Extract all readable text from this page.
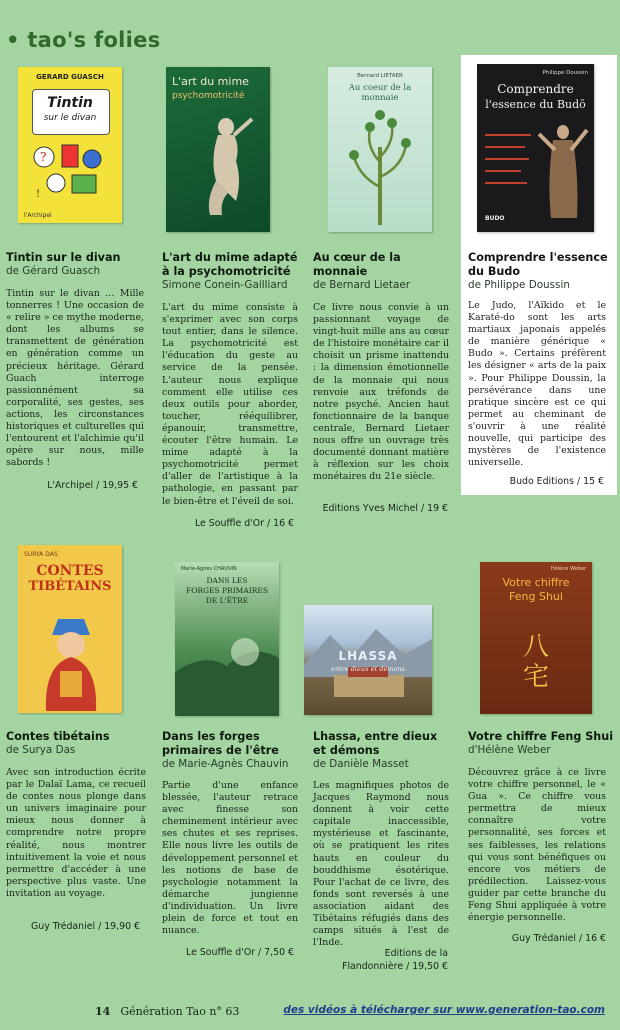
• tao's folies
GERARD GUASCH
Tintin
sur le divan
?
!
l'Archipel
L'art du mime
psychomotricité
Bernard LIETAER
Au coeur de la monnaie
Philippe Doussin
Comprendre
l'essence du Budō
BUDO
Tintin sur le divan
de Gérard Guasch
Tintin sur le divan … Mille tonnerres ! Une occasion de « relire » ce mythe moderne, dont les albums se transmettent de génération en génération comme un précieux héritage. Gérard Guach interroge passionnément sa corporalité, ses gestes, ses actions, les circonstances historiques et culturelles qui l'entourent et l'alchimie qu'il opère sur nous, mille sabords !
L'Archipel / 19,95 €
L'art du mime adapté à la psychomotricité
Simone Conein-Gailliard
L'art du mime consiste à s'exprimer avec son corps tout entier, dans le silence. La psychomotricité est l'éducation du geste au service de la pensée. L'auteur nous explique comment elle utilise ces deux outils pour aborder, toucher, rééquilibrer, épanouir, transmettre, écouter l'être humain. Le mime adapté à la psychomotricité permet d'aller de l'artistique à la pathologie, en passant par le bien-être et l'éveil de soi.
Le Souffle d'Or / 16 €
Au cœur de la monnaie
de Bernard Lietaer
Ce livre nous convie à un passionnant voyage de vingt-huit mille ans au cœur de l'histoire monétaire car il choisit un prisme inattendu : la dimension émotionnelle de la monnaie qui nous renvoie aux tréfonds de notre psyché. Ancien haut fonctionnaire de la banque centrale, Bernard Lietaer nous offre un ouvrage très documenté donnant matière à réflexion sur les choix monétaires du 21e siècle.
Editions Yves Michel / 19 €
Comprendre l'essence du Budo
de Philippe Doussin
Le Judo, l'Aïkido et le Karaté-do sont les arts martiaux japonais appelés de manière générique « Budo ». Certains préfèrent les désigner « arts de la paix ». Pour Philippe Doussin, la persévérance dans une pratique sincère est ce qui permet au cheminant de s'ouvrir à une réalité nouvelle, qui participe des mystères de l'existence universelle.
Budo Editions / 15 €
SURYA DAS
CONTES
TIBÉTAINS
Marie-Agnès CHAUVIN
DANS LES
FORGES PRIMAIRES
DE L'ÊTRE
LHASSA
entre dieux et démons
Hélène Weber
Votre chiffre
Feng Shui
八宅
Contes tibétains
de Surya Das
Avec son introduction écrite par le Dalaï Lama, ce recueil de contes nous plonge dans un univers imaginaire pour mieux nous donner à comprendre notre propre réalité, nous montrer intuitivement la voie et nous permettre d'accéder à une perspective plus vaste. Une invitation au voyage.
Guy Trédaniel / 19,90 €
Dans les forges primaires de l'être
de Marie-Agnès Chauvin
Partie d'une enfance blessée, l'auteur retrace avec finesse son cheminement intérieur avec ses chutes et ses reprises. Elle nous livre les outils de développement personnel et les notions de base de psychologie notamment la démarche jungienne d'individuation. Un livre plein de force et tout en nuance.
Le Souffle d'Or / 7,50 €
Lhassa, entre dieux et démons
de Danièle Masset
Les magnifiques photos de Jacques Raymond nous donnent à voir cette capitale inaccessible, mystérieuse et fascinante, où se pratiquent les rites hauts en couleur du bouddhisme ésotérique. Pour l'achat de ce livre, des fonds sont reversés à une association aidant des Tibétains réfugiés dans des camps situés à l'est de l'Inde.
Editions de la
Flandonnière / 19,50 €
Votre chiffre Feng Shui
d'Hélène Weber
Découvrez grâce à ce livre votre chiffre personnel, le « Gua ». Ce chiffre vous permettra de mieux connaître votre personnalité, ses forces et ses faiblesses, les relations qui vous sont bénéfiques ou encore vos métiers de prédilection. Laissez-vous guider par cette branche du Feng Shui appliquée à votre énergie personnelle.
Guy Trédaniel / 16 €
14 Génération Tao n° 63	des vidéos à télécharger sur www.generation-tao.com
